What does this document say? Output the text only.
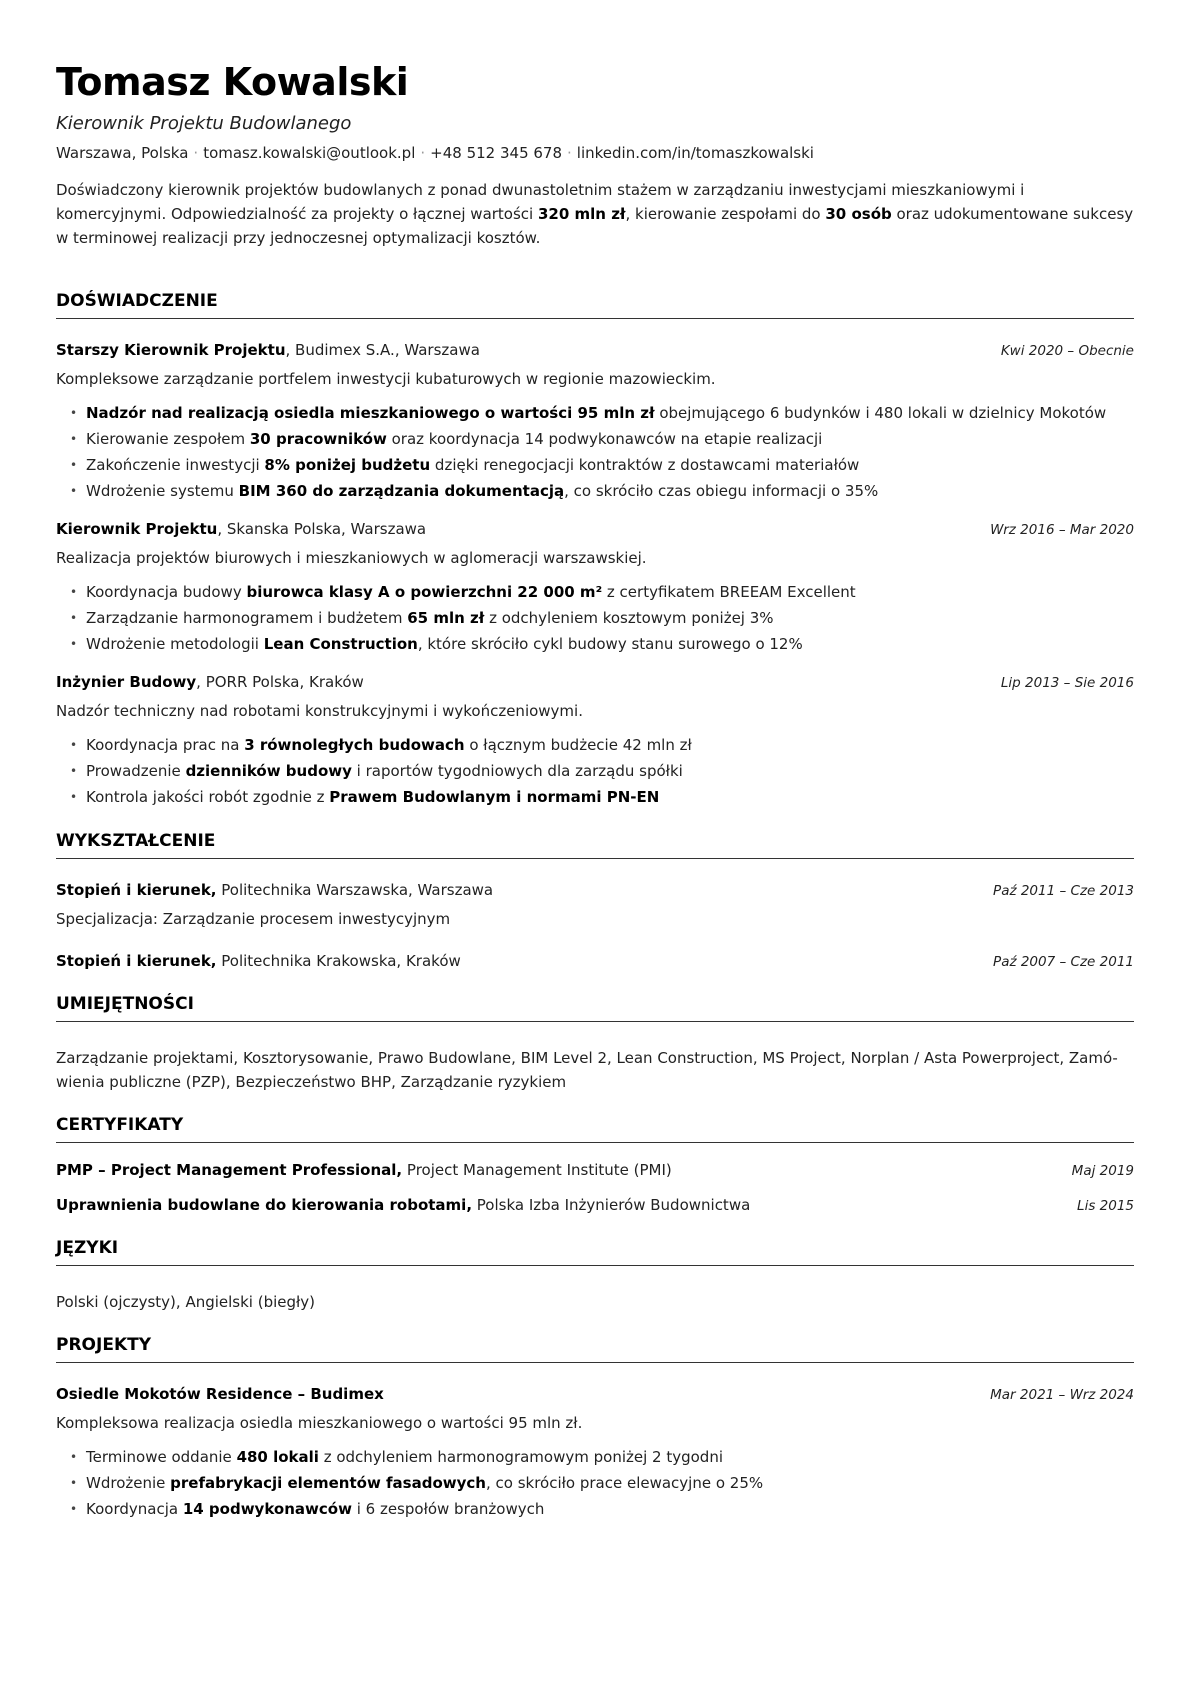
Tomasz Kowalski
Kierownik Projektu Budowlanego
Warszawa, Polska · tomasz.kowalski@outlook.pl · +48 512 345 678 · linkedin.com/in/tomaszkowalski
Doświadczony kierownik projektów budowlanych z ponad dwunastoletnim stażem w zarządzaniu inwestycjami mieszkaniowymi i komercyjnymi. Odpowiedzialność za projekty o łącznej wartości 320 mln zł, kierowanie zespołami do 30 osób oraz udokumentowane sukcesy w terminowej realizacji przy jednoczesnej optymalizacji kosztów.
DOŚWIADCZENIE
Starszy Kierownik Projektu, Budimex S.A., Warszawa	Kwi 2020 – Obecnie
Kompleksowe zarządzanie portfelem inwestycji kubaturowych w regionie mazowieckim.
• Nadzór nad realizacją osiedla mieszkaniowego o wartości 95 mln zł obejmującego 6 budynków i 480 lokali w dzielnicy Mokotów
• Kierowanie zespołem 30 pracowników oraz koordynacja 14 podwykonawców na etapie realizacji
• Zakończenie inwestycji 8% poniżej budżetu dzięki renegocjacji kontraktów z dostawcami materiałów
• Wdrożenie systemu BIM 360 do zarządzania dokumentacją, co skróciło czas obiegu informacji o 35%
Kierownik Projektu, Skanska Polska, Warszawa	Wrz 2016 – Mar 2020
Realizacja projektów biurowych i mieszkaniowych w aglomeracji warszawskiej.
• Koordynacja budowy biurowca klasy A o powierzchni 22 000 m² z certyfikatem BREEAM Excellent
• Zarządzanie harmonogramem i budżetem 65 mln zł z odchyleniem kosztowym poniżej 3%
• Wdrożenie metodologii Lean Construction, które skróciło cykl budowy stanu surowego o 12%
Inżynier Budowy, PORR Polska, Kraków	Lip 2013 – Sie 2016
Nadzór techniczny nad robotami konstrukcyjnymi i wykończeniowymi.
• Koordynacja prac na 3 równoległych budowach o łącznym budżecie 42 mln zł
• Prowadzenie dzienników budowy i raportów tygodniowych dla zarządu spółki
• Kontrola jakości robót zgodnie z Prawem Budowlanym i normami PN-EN
WYKSZTAŁCENIE
Stopień i kierunek, Politechnika Warszawska, Warszawa	Paź 2011 – Cze 2013
Specjalizacja: Zarządzanie procesem inwestycyjnym
Stopień i kierunek, Politechnika Krakowska, Kraków	Paź 2007 – Cze 2011
UMIEJĘTNOŚCI
Zarządzanie projektami, Kosztorysowanie, Prawo Budowlane, BIM Level 2, Lean Construction, MS Project, Norplan / Asta Powerproject, Zamó-wienia publiczne (PZP), Bezpieczeństwo BHP, Zarządzanie ryzykiem
CERTYFIKATY
PMP – Project Management Professional, Project Management Institute (PMI)	Maj 2019
Uprawnienia budowlane do kierowania robotami, Polska Izba Inżynierów Budownictwa	Lis 2015
JĘZYKI
Polski (ojczysty), Angielski (biegły)
PROJEKTY
Osiedle Mokotów Residence – Budimex	Mar 2021 – Wrz 2024
Kompleksowa realizacja osiedla mieszkaniowego o wartości 95 mln zł.
• Terminowe oddanie 480 lokali z odchyleniem harmonogramowym poniżej 2 tygodni
• Wdrożenie prefabrykacji elementów fasadowych, co skróciło prace elewacyjne o 25%
• Koordynacja 14 podwykonawców i 6 zespołów branżowych
